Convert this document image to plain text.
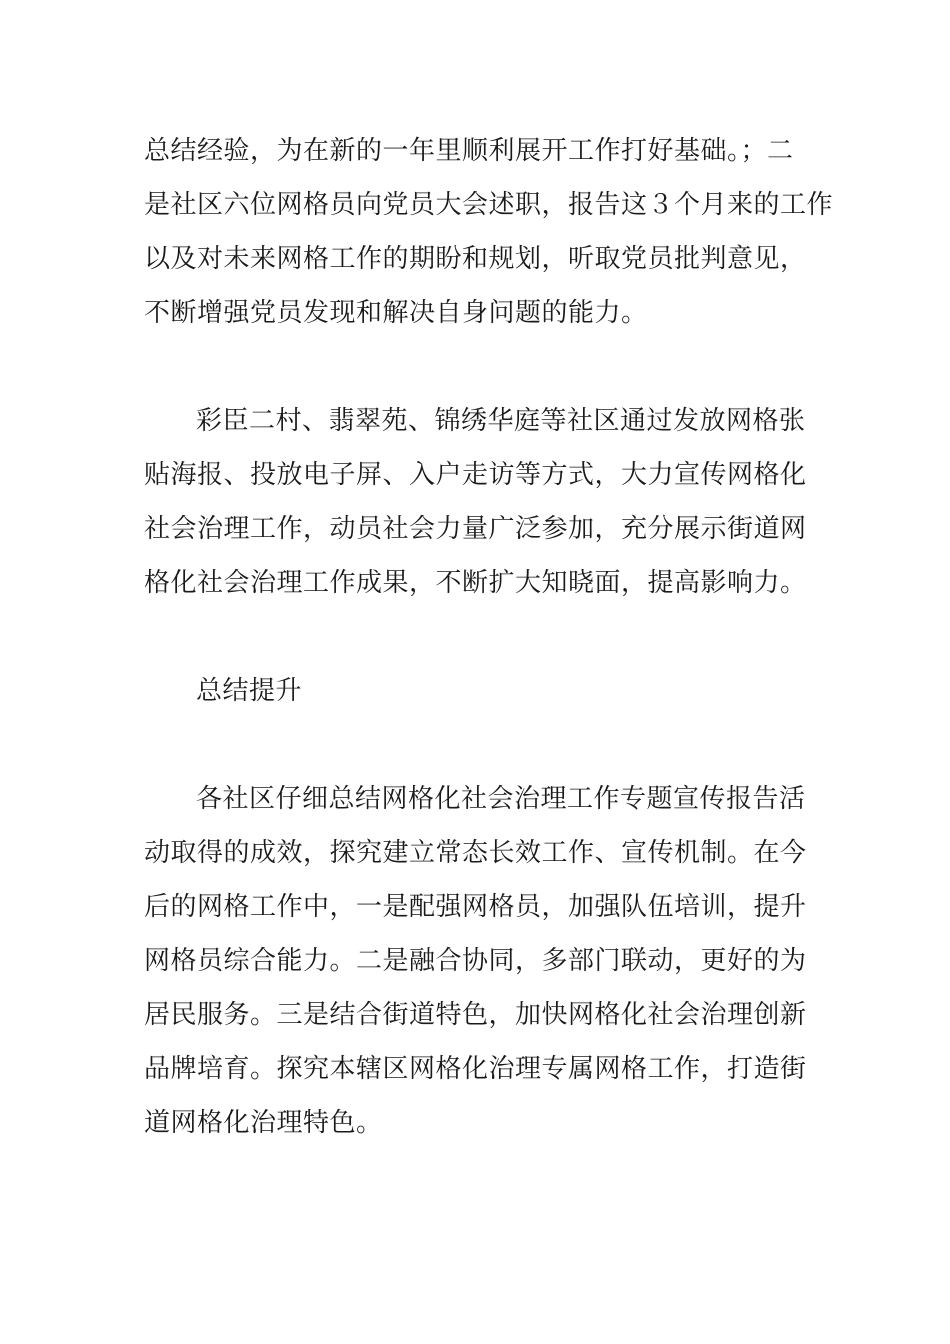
总结经验，为在新的一年里顺利展开工作打好基础。；二
是社区六位网格员向党员大会述职，报告这３个月来的工作
以及对未来网格工作的期盼和规划，听取党员批判意见，
不断增强党员发现和解决自身问题的能力。
彩臣二村、翡翠苑、锦绣华庭等社区通过发放网格张
贴海报、投放电子屏、入户走访等方式，大力宣传网格化
社会治理工作，动员社会力量广泛参加，充分展示街道网
格化社会治理工作成果，不断扩大知晓面，提高影响力。
总结提升
各社区仔细总结网格化社会治理工作专题宣传报告活
动取得的成效，探究建立常态长效工作、宣传机制。在今
后的网格工作中，一是配强网格员，加强队伍培训，提升
网格员综合能力。二是融合协同，多部门联动，更好的为
居民服务。三是结合街道特色，加快网格化社会治理创新
品牌培育。探究本辖区网格化治理专属网格工作，打造街
道网格化治理特色。
